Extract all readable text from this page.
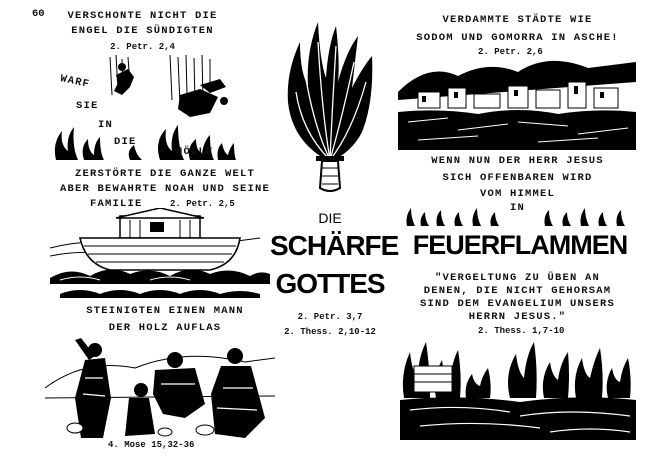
60	VERSCHONTE NICHT DIE
ENGEL DIE SÜNDIGTEN
2. Petr. 2,4
WARF
SIE
IN
DIE
HÖLLE
ZERSTÖRTE DIE GANZE WELT
ABER BEWAHRTE NOAH UND SEINE
FAMILIE	2. Petr. 2,5
STEINIGTEN EINEN MANN
DER HOLZ AUFLAS
4. Mose 15,32-36
DIE
SCHÄRFE
GOTTES
2. Petr. 3,7
2. Thess. 2,10-12
VERDAMMTE STÄDTE WIE
SODOM UND GOMORRA IN ASCHE!
2. Petr. 2,6
WENN NUN DER HERR JESUS
SICH OFFENBAREN WIRD
VOM HIMMEL
IN
FEUERFLAMMEN
"VERGELTUNG ZU ÜBEN AN
DENEN, DIE NICHT GEHORSAM
SIND DEM EVANGELIUM UNSERS
HERRN JESUS."
2. Thess. 1,7-10
